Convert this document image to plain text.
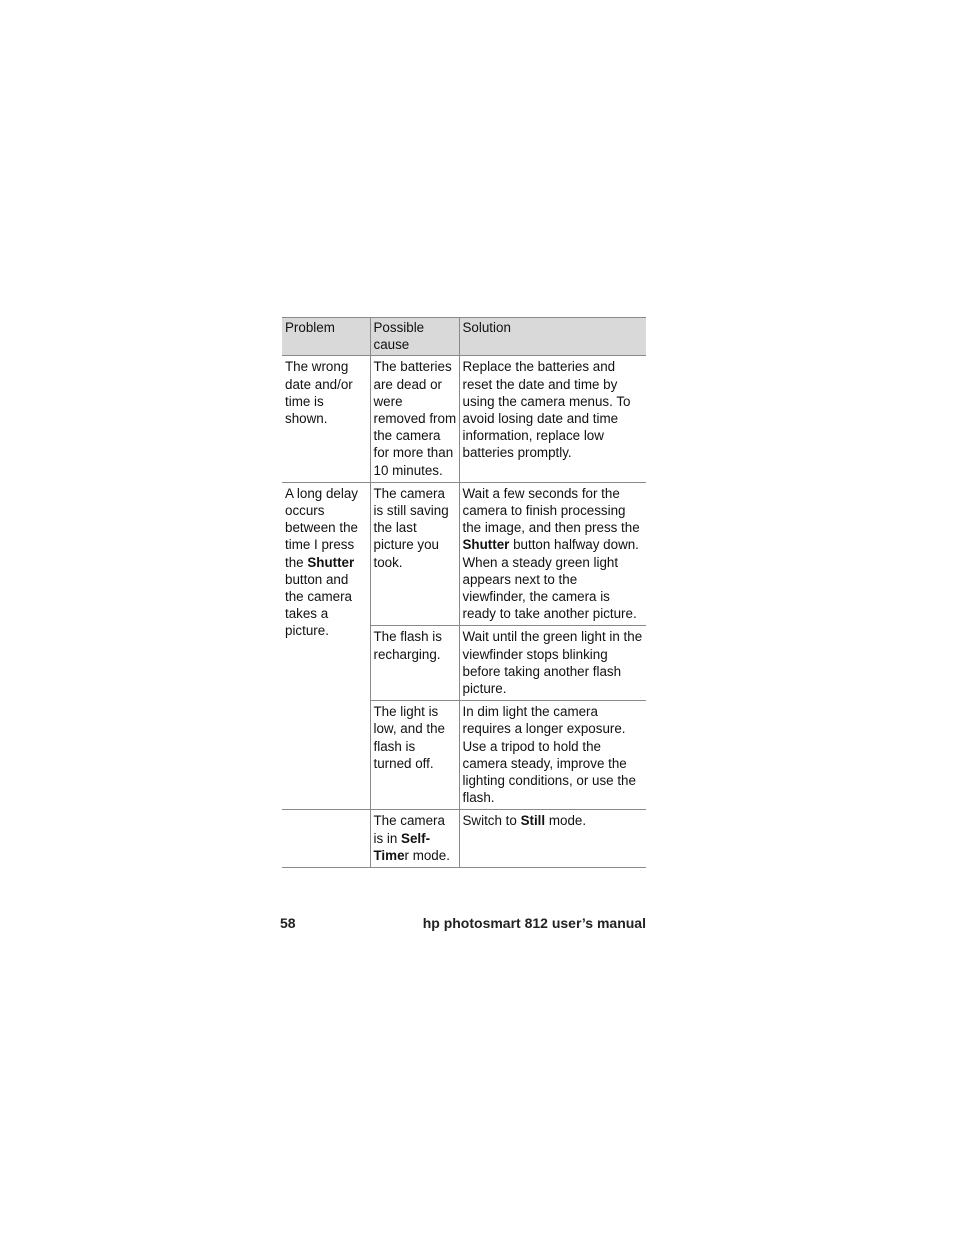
Problem	Possible cause	Solution
The wrong date and/or time is shown.	The batteries are dead or were removed from the camera for more than 10 minutes.	Replace the batteries and reset the date and time by using the camera menus. To avoid losing date and time information, replace low batteries promptly.
A long delay occurs between the time I press the Shutter button and the camera takes a picture.	The camera is still saving the last picture you took.	Wait a few seconds for the camera to finish processing the image, and then press the Shutter button halfway down. When a steady green light appears next to the viewfinder, the camera is ready to take another picture.
	The flash is recharging.	Wait until the green light in the viewfinder stops blinking before taking another flash picture.
	The light is low, and the flash is turned off.	In dim light the camera requires a longer exposure. Use a tripod to hold the camera steady, improve the lighting conditions, or use the flash.
	The camera is in Self-Timer mode.	Switch to Still mode.
58	hp photosmart 812 user’s manual
